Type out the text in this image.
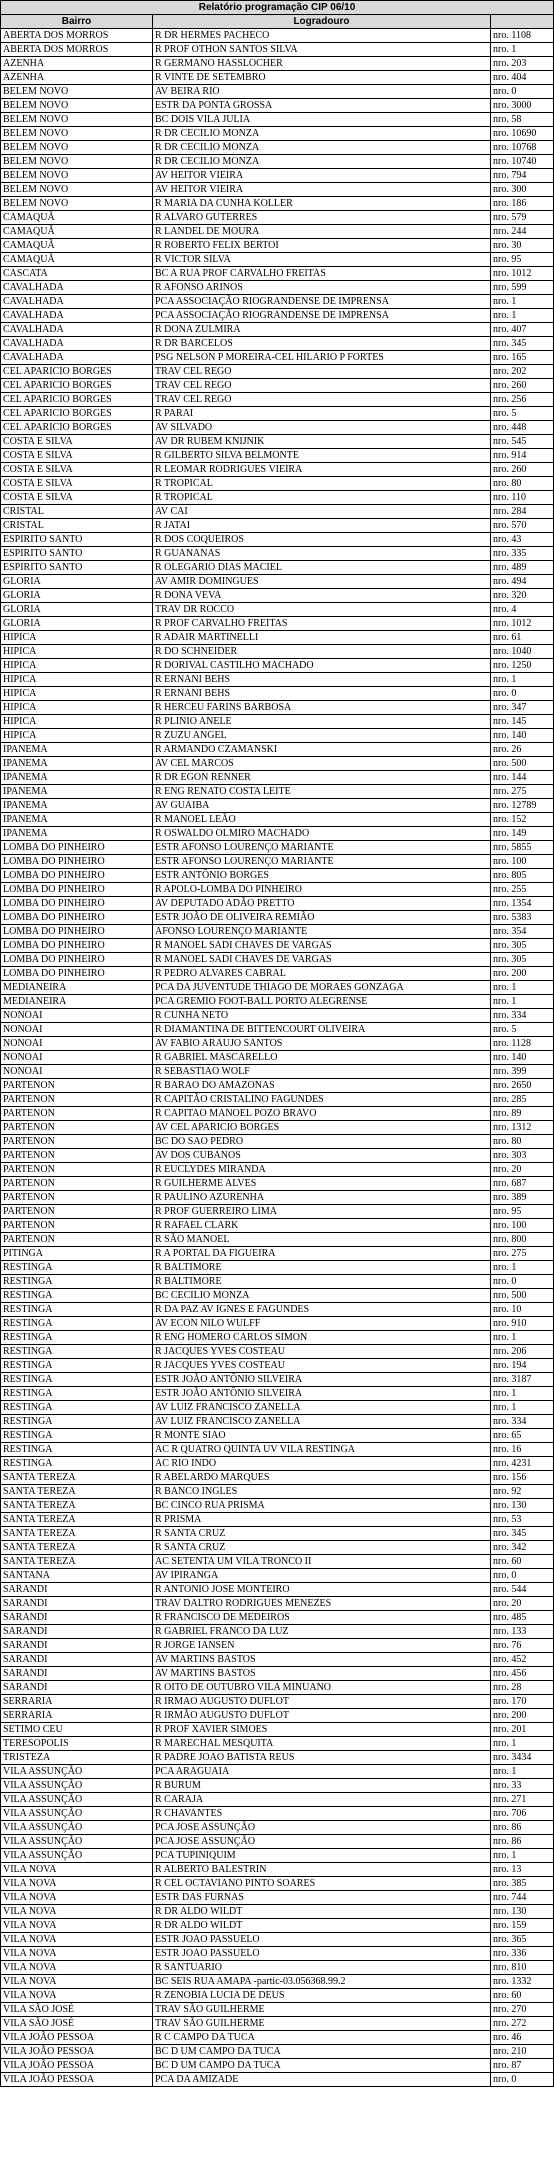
Relatório programação CIP 06/10		
Bairro	Logradouro	
ABERTA DOS MORROS	R DR HERMES PACHECO	nro. 1108
ABERTA DOS MORROS	R PROF OTHON SANTOS SILVA	nro. 1
AZENHA	R GERMANO HASSLOCHER	nro. 203
AZENHA	R VINTE DE SETEMBRO	nro. 404
BELEM NOVO	AV BEIRA RIO	nro. 0
BELEM NOVO	ESTR DA PONTA GROSSA	nro. 3000
BELEM NOVO	BC DOIS VILA JULIA	nro. 58
BELEM NOVO	R DR CECILIO MONZA	nro. 10690
BELEM NOVO	R DR CECILIO MONZA	nro. 10768
BELEM NOVO	R DR CECILIO MONZA	nro. 10740
BELEM NOVO	AV HEITOR VIEIRA	nro. 794
BELEM NOVO	AV HEITOR VIEIRA	nro. 300
BELEM NOVO	R MARIA DA CUNHA KOLLER	nro. 186
CAMAQUÃ	R ALVARO GUTERRES	nro. 579
CAMAQUÃ	R LANDEL DE MOURA	nro. 244
CAMAQUÃ	R ROBERTO FELIX BERTOI	nro. 30
CAMAQUÃ	R VICTOR SILVA	nro. 95
CASCATA	BC A RUA PROF CARVALHO FREITAS	nro. 1012
CAVALHADA	R AFONSO ARINOS	nro. 599
CAVALHADA	PCA ASSOCIAÇÃO RIOGRANDENSE DE IMPRENSA	nro. 1
CAVALHADA	PCA ASSOCIAÇÃO RIOGRANDENSE DE IMPRENSA	nro. 1
CAVALHADA	R DONA ZULMIRA	nro. 407
CAVALHADA	R DR BARCELOS	nro. 345
CAVALHADA	PSG NELSON P MOREIRA-CEL HILARIO P FORTES	nro. 165
CEL APARICIO BORGES	TRAV CEL REGO	nro. 202
CEL APARICIO BORGES	TRAV CEL REGO	nro. 260
CEL APARICIO BORGES	TRAV CEL REGO	nro. 256
CEL APARICIO BORGES	R PARAI	nro. 5
CEL APARICIO BORGES	AV SILVADO	nro. 448
COSTA E SILVA	AV DR RUBEM KNIJNIK	nro. 545
COSTA E SILVA	R GILBERTO SILVA BELMONTE	nro. 914
COSTA E SILVA	R LEOMAR RODRIGUES VIEIRA	nro. 260
COSTA E SILVA	R TROPICAL	nro. 80
COSTA E SILVA	R TROPICAL	nro. 110
CRISTAL	AV CAI	nro. 284
CRISTAL	R JATAI	nro. 570
ESPIRITO SANTO	R DOS COQUEIROS	nro. 43
ESPIRITO SANTO	R GUANANAS	nro. 335
ESPIRITO SANTO	R OLEGARIO DIAS MACIEL	nro. 489
GLORIA	AV AMIR DOMINGUES	nro. 494
GLORIA	R DONA VEVA	nro. 320
GLORIA	TRAV DR ROCCO	nro. 4
GLORIA	R PROF CARVALHO FREITAS	nro. 1012
HIPICA	R ADAIR MARTINELLI	nro. 61
HIPICA	R DO SCHNEIDER	nro. 1040
HIPICA	R DORIVAL CASTILHO MACHADO	nro. 1250
HIPICA	R ERNANI BEHS	nro. 1
HIPICA	R ERNANI BEHS	nro. 0
HIPICA	R HERCEU FARINS BARBOSA	nro. 347
HIPICA	R PLINIO ANELE	nro. 145
HIPICA	R ZUZU ANGEL	nro. 140
IPANEMA	R ARMANDO CZAMANSKI	nro. 26
IPANEMA	AV CEL MARCOS	nro. 500
IPANEMA	R DR EGON RENNER	nro. 144
IPANEMA	R ENG RENATO COSTA LEITE	nro. 275
IPANEMA	AV GUAIBA	nro. 12789
IPANEMA	R MANOEL LEÃO	nro. 152
IPANEMA	R OSWALDO OLMIRO MACHADO	nro. 149
LOMBA DO PINHEIRO	ESTR AFONSO LOURENÇO MARIANTE	nro. 5855
LOMBA DO PINHEIRO	ESTR AFONSO LOURENÇO MARIANTE	nro. 100
LOMBA DO PINHEIRO	ESTR ANTÔNIO BORGES	nro. 805
LOMBA DO PINHEIRO	R APOLO-LOMBA DO PINHEIRO	nro. 255
LOMBA DO PINHEIRO	AV DEPUTADO ADÃO PRETTO	nro. 1354
LOMBA DO PINHEIRO	ESTR JOÃO DE OLIVEIRA REMIÃO	nro. 5383
LOMBA DO PINHEIRO	AFONSO LOURENÇO MARIANTE	nro. 354
LOMBA DO PINHEIRO	R MANOEL SADI CHAVES DE VARGAS	nro. 305
LOMBA DO PINHEIRO	R MANOEL SADI CHAVES DE VARGAS	nro. 305
LOMBA DO PINHEIRO	R PEDRO ALVARES CABRAL	nro. 200
MEDIANEIRA	PCA DA JUVENTUDE THIAGO DE MORAES GONZAGA	nro. 1
MEDIANEIRA	PCA GREMIO FOOT-BALL PORTO ALEGRENSE	nro. 1
NONOAI	R CUNHA NETO	nro. 334
NONOAI	R DIAMANTINA DE BITTENCOURT OLIVEIRA	nro. 5
NONOAI	AV FABIO ARAUJO SANTOS	nro. 1128
NONOAI	R GABRIEL MASCARELLO	nro. 140
NONOAI	R SEBASTIAO WOLF	nro. 399
PARTENON	R BARAO DO AMAZONAS	nro. 2650
PARTENON	R CAPITÃO CRISTALINO FAGUNDES	nro. 285
PARTENON	R CAPITAO MANOEL POZO BRAVO	nro. 89
PARTENON	AV CEL APARICIO BORGES	nro. 1312
PARTENON	BC DO SAO PEDRO	nro. 80
PARTENON	AV DOS CUBANOS	nro. 303
PARTENON	R EUCLYDES MIRANDA	nro. 20
PARTENON	R GUILHERME ALVES	nro. 687
PARTENON	R PAULINO AZURENHA	nro. 389
PARTENON	R PROF GUERREIRO LIMA	nro. 95
PARTENON	R RAFAEL CLARK	nro. 100
PARTENON	R SÃO MANOEL	nro. 800
PITINGA	R A PORTAL DA FIGUEIRA	nro. 275
RESTINGA	R BALTIMORE	nro. 1
RESTINGA	R BALTIMORE	nro. 0
RESTINGA	BC CECILIO MONZA	nro. 500
RESTINGA	R DA PAZ AV IGNES E FAGUNDES	nro. 10
RESTINGA	AV ECON NILO WULFF	nro. 910
RESTINGA	R ENG HOMERO CARLOS SIMON	nro. 1
RESTINGA	R JACQUES YVES COSTEAU	nro. 206
RESTINGA	R JACQUES YVES COSTEAU	nro. 194
RESTINGA	ESTR JOÃO ANTÔNIO SILVEIRA	nro. 3187
RESTINGA	ESTR JOÃO ANTÔNIO SILVEIRA	nro. 1
RESTINGA	AV LUIZ FRANCISCO ZANELLA	nro. 1
RESTINGA	AV LUIZ FRANCISCO ZANELLA	nro. 334
RESTINGA	R MONTE SIAO	nro. 65
RESTINGA	AC R QUATRO QUINTA UV VILA RESTINGA	nro. 16
RESTINGA	AC RIO INDO	nro. 4231
SANTA TEREZA	R ABELARDO MARQUES	nro. 156
SANTA TEREZA	R BANCO INGLES	nro. 92
SANTA TEREZA	BC CINCO RUA PRISMA	nro. 130
SANTA TEREZA	R PRISMA	nro. 53
SANTA TEREZA	R SANTA CRUZ	nro. 345
SANTA TEREZA	R SANTA CRUZ	nro. 342
SANTA TEREZA	AC SETENTA UM VILA TRONCO II	nro. 60
SANTANA	AV IPIRANGA	nro. 0
SARANDI	R ANTONIO JOSE MONTEIRO	nro. 544
SARANDI	TRAV DALTRO RODRIGUES MENEZES	nro. 20
SARANDI	R FRANCISCO DE MEDEIROS	nro. 485
SARANDI	R GABRIEL FRANCO DA LUZ	nro. 133
SARANDI	R JORGE IANSEN	nro. 76
SARANDI	AV MARTINS BASTOS	nro. 452
SARANDI	AV MARTINS BASTOS	nro. 456
SARANDI	R OITO DE OUTUBRO VILA MINUANO	nro. 28
SERRARIA	R IRMAO AUGUSTO DUFLOT	nro. 170
SERRARIA	R IRMÃO AUGUSTO DUFLOT	nro. 200
SETIMO CEU	R PROF XAVIER SIMOES	nro. 201
TERESOPOLIS	R MARECHAL MESQUITA	nro. 1
TRISTEZA	R PADRE JOAO BATISTA REUS	nro. 3434
VILA ASSUNÇÃO	PCA ARAGUAIA	nro. 1
VILA ASSUNÇÃO	R BURUM	nro. 33
VILA ASSUNÇÃO	R CARAJA	nro. 271
VILA ASSUNÇÃO	R CHAVANTES	nro. 706
VILA ASSUNÇÃO	PCA JOSE ASSUNÇÃO	nro. 86
VILA ASSUNÇÃO	PCA JOSE ASSUNÇÃO	nro. 86
VILA ASSUNÇÃO	PCA TUPINIQUIM	nro. 1
VILA NOVA	R ALBERTO BALESTRIN	nro. 13
VILA NOVA	R CEL OCTAVIANO PINTO SOARES	nro. 385
VILA NOVA	ESTR DAS FURNAS	nro. 744
VILA NOVA	R DR ALDO WILDT	nro. 130
VILA NOVA	R DR ALDO WILDT	nro. 159
VILA NOVA	ESTR JOAO PASSUELO	nro. 365
VILA NOVA	ESTR JOAO PASSUELO	nro. 336
VILA NOVA	R SANTUARIO	nro. 810
VILA NOVA	BC SEIS RUA AMAPA -partic-03.056368.99.2	nro. 1332
VILA NOVA	R ZENOBIA LUCIA DE DEUS	nro. 60
VILA SÃO JOSÉ	TRAV SÃO GUILHERME	nro. 270
VILA SÃO JOSÉ	TRAV SÃO GUILHERME	nro. 272
VILA JOÃO PESSOA	R C CAMPO DA TUCA	nro. 46
VILA JOÃO PESSOA	BC D UM CAMPO DA TUCA	nro. 210
VILA JOÃO PESSOA	BC D UM CAMPO DA TUCA	nro. 87
VILA JOÃO PESSOA	PCA DA AMIZADE	nro. 0
